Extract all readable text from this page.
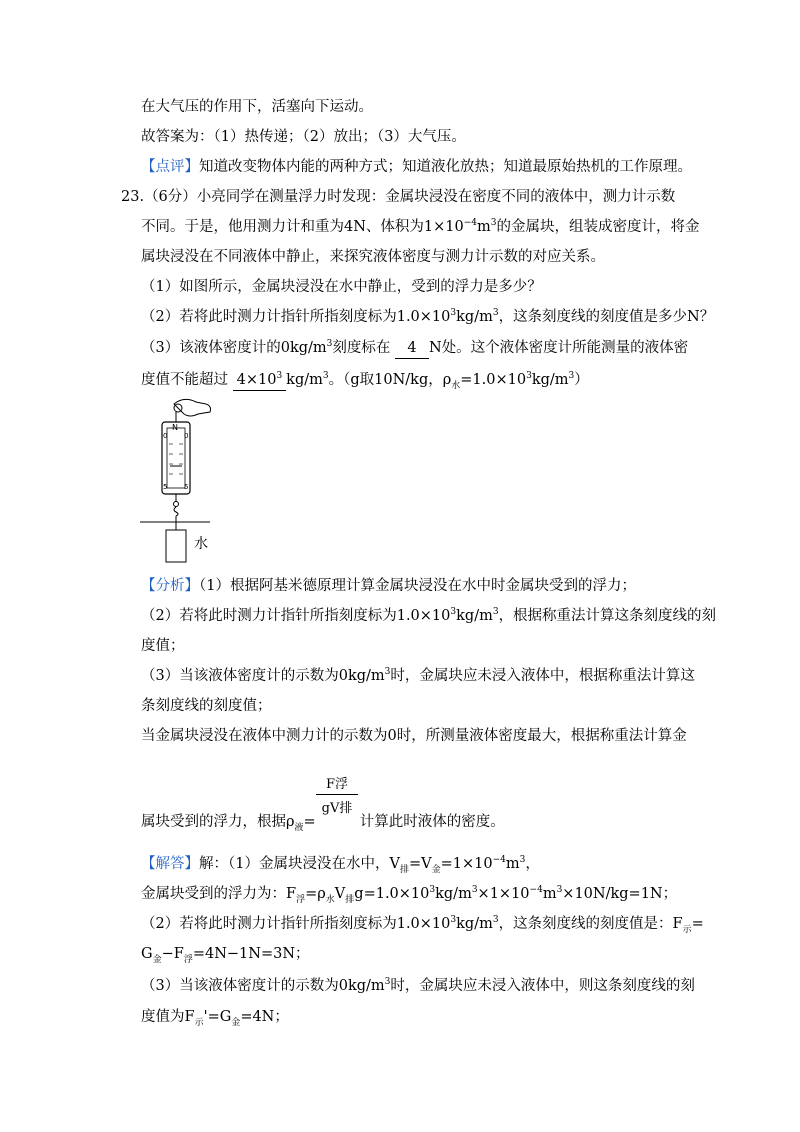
在大气压的作用下，活塞向下运动。
故答案为：（1）热传递；（2）放出；（3）大气压。
【点评】知道改变物体内能的两种方式；知道液化放热；知道最原始热机的工作原理。
23.（6分）小亮同学在测量浮力时发现：金属块浸没在密度不同的液体中，测力计示数
不同。于是，他用测力计和重为4N、体积为$1\times 10^{-4}m^3$的金属块，组装成密度计，将金
属块浸没在不同液体中静止，来探究液体密度与测力计示数的对应关系。
（1）如图所示，金属块浸没在水中静止，受到的浮力是多少？
（2）若将此时测力计指针所指刻度标为$1.0\times 10^3kg/m^3$，这条刻度线的刻度值是多少N？
（3）该液体密度计的$0kg/m^3$刻度标在 4 N处。这个液体密度计所能测量的液体密
度值不能超过 $4\times 10^3$ $kg/m^3$。（g取10N/kg，$\rho_水=1.0\times 10^3kg/m^3$）
N
0 0
5 5
水
【分析】（1）根据阿基米德原理计算金属块浸没在水中时金属块受到的浮力；
（2）若将此时测力计指针所指刻度标为$1.0\times 10^3kg/m^3$，根据称重法计算这条刻度线的刻
度值；
（3）当该液体密度计的示数为$0kg/m^3$时，金属块应未浸入液体中，根据称重法计算这
条刻度线的刻度值；
当金属块浸没在液体中测力计的示数为0时，所测量液体密度最大，根据称重法计算金
F浮
gV排
属块受到的浮力，根据$\rho_液=$	计算此时液体的密度。
【解答】解：（1）金属块浸没在水中，$V_排=V_金=1\times 10^{-4}m^3$，
金属块受到的浮力为：$F_浮=\rho_水V_排g=1.0\times 10^3kg/m^3\times 1\times 10^{-4}m^3\times 10N/kg=1N$；
（2）若将此时测力计指针所指刻度标为$1.0\times 10^3kg/m^3$，这条刻度线的刻度值是：$F_示=$
$G_金-F_浮=4N-1N=3N$；
（3）当该液体密度计的示数为$0kg/m^3$时，金属块应未浸入液体中，则这条刻度线的刻
度值为$F_示'=G_金=4N$；
